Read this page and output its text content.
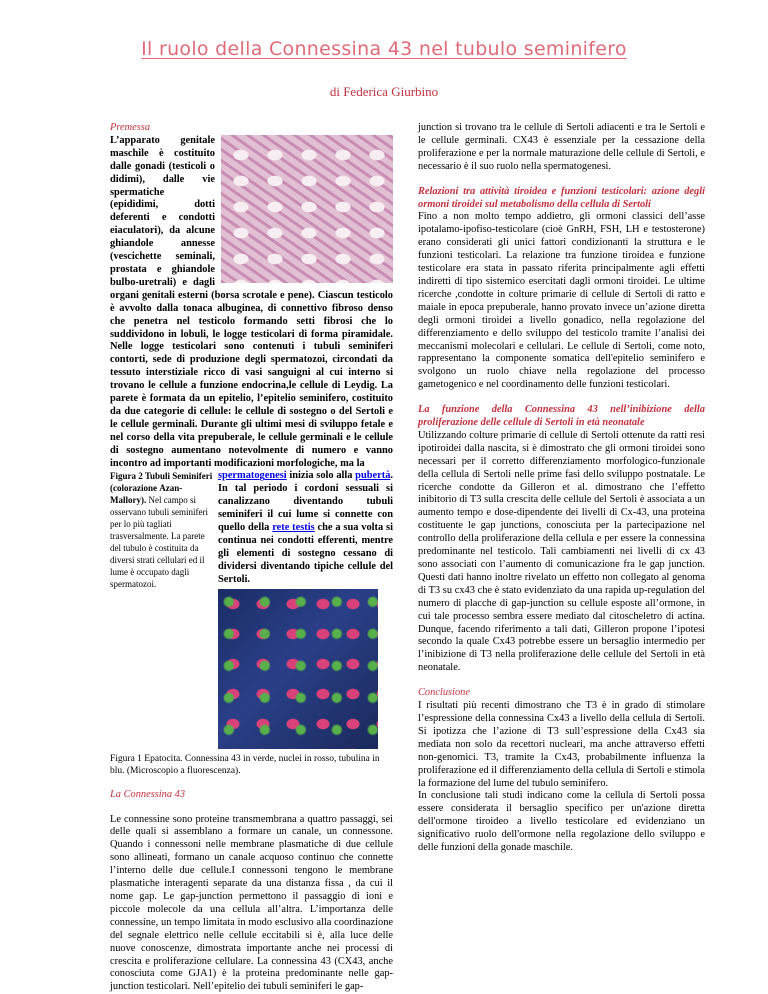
Il ruolo della Connessina 43 nel tubulo seminifero
di Federica Giurbino

Premessa

L’apparato genitale maschile è costituito dalle gonadi (testicoli o didimi), dalle vie spermatiche (epididimi, dotti deferenti e condotti eiaculatori), da alcune ghiandole annesse (vescichette seminali, prostata e ghiandole bulbo-uretrali) e dagli organi genitali esterni (borsa scrotale e pene). Ciascun testicolo è avvolto dalla tonaca albuginea, di connettivo fibroso denso che penetra nel testicolo formando setti fibrosi che lo suddividono in lobuli, le logge testicolari di forma piramidale. Nelle logge testicolari sono contenuti i tubuli seminiferi contorti, sede di produzione degli spermatozoi, circondati da tessuto interstiziale ricco di vasi sanguigni al cui interno si trovano le cellule a funzione endocrina,le cellule di Leydig. La parete è formata da un epitelio, l’epitelio seminifero, costituito da due categorie di cellule: le cellule di sostegno o del Sertoli e le cellule germinali. Durante gli ultimi mesi di sviluppo fetale e nel corso della vita prepuberale, le cellule germinali e le cellule di sostegno aumentano notevolmente di numero e vanno incontro ad importanti modificazioni morfologiche, ma la

Figura 2 Tubuli Seminiferi (colorazione Azan-Mallory). Nel campo si osservano tubuli seminiferi per lo più tagliati trasversalmente. La parete del tubulo è costituita da diversi strati cellulari ed il lume è occupato dagli spermatozoi.

spermatogenesi inizia solo alla pubertà. In tal periodo i cordoni sessuali si canalizzano diventando tubuli seminiferi il cui lume si connette con quello della rete testis che a sua volta si continua nei condotti efferenti, mentre gli elementi di sostegno cessano di dividersi diventando tipiche cellule del Sertoli.

Figura 1 Epatocita. Connessina 43 in verde, nuclei in rosso, tubulina in blu. (Microscopio a fluorescenza).

La Connessina 43

Le connessine sono proteine transmembrana a quattro passaggi, sei delle quali si assemblano a formare un canale, un connessone. Quando i connessoni nelle membrane plasmatiche di due cellule sono allineati, formano un canale acquoso continuo che connette l’interno delle due cellule.I connessoni tengono le membrane plasmatiche interagenti separate da una distanza fissa , da cui il nome gap. Le gap-junction permettono il passaggio di ioni e piccole molecole da una cellula all’altra. L’importanza delle connessine, un tempo limitata in modo esclusivo alla coordinazione del segnale elettrico nelle cellule eccitabili si è, alla luce delle nuove conoscenze, dimostrata importante anche nei processi di crescita e proliferazione cellulare. La connessina 43 (CX43, anche conosciuta come GJA1) è la proteina predominante nelle gap-junction testicolari. Nell’epitelio dei tubuli seminiferi le gap-

junction si trovano tra le cellule di Sertoli adiacenti e tra le Sertoli e le cellule germinali. CX43 è essenziale per la cessazione della proliferazione e per la normale maturazione delle cellule di Sertoli, e necessario è il suo ruolo nella spermatogenesi.

Relazioni tra attività tiroidea e funzioni testicolari: azione degli ormoni tiroidei sul metabolismo della cellula di Sertoli

Fino a non molto tempo addietro, gli ormoni classici dell’asse ipotalamo-ipofiso-testicolare (cioè GnRH, FSH, LH e testosterone) erano considerati gli unici fattori condizionanti la struttura e le funzioni testicolari. La relazione tra funzione tiroidea e funzione testicolare era stata in passato riferita principalmente agli effetti indiretti di tipo sistemico esercitati dagli ormoni tiroidei. Le ultime ricerche ,condotte in colture primarie di cellule di Sertoli di ratto e maiale in epoca prepuberale, hanno provato invece un’azione diretta degli ormoni tiroidei a livello gonadico, nella regolazione del differenziamento e dello sviluppo del testicolo tramite l’analisi dei meccanismi molecolari e cellulari. Le cellule di Sertoli, come noto, rappresentano la componente somatica dell'epitelio seminifero e svolgono un ruolo chiave nella regolazione del processo gametogenico e nel coordinamento delle funzioni testicolari.

La funzione della Connessina 43 nell’inibizione della proliferazione delle cellule di Sertoli in età neonatale

Utilizzando colture primarie di cellule di Sertoli ottenute da ratti resi ipotiroidei dalla nascita, si è dimostrato che gli ormoni tiroidei sono necessari per il corretto differenziamento morfologico-funzionale della cellula di Sertoli nelle prime fasi dello sviluppo postnatale. Le ricerche condotte da Gilleron et al. dimostrano che l’effetto inibitorio di T3 sulla crescita delle cellule del Sertoli è associata a un aumento tempo e dose-dipendente dei livelli di Cx-43, una proteina costituente le gap junctions, conosciuta per la partecipazione nel controllo della proliferazione della cellula e per essere la connessina predominante nel testicolo. Tali cambiamenti nei livelli di cx 43 sono associati con l’aumento di comunicazione fra le gap junction. Questi dati hanno inoltre rivelato un effetto non collegato al genoma di T3 su cx43 che è stato evidenziato da una rapida up-regulation del numero di placche di gap-junction su cellule esposte all’ormone, in cui tale processo sembra essere mediato dal citoscheletro di actina. Dunque, facendo riferimento a tali dati, Gilleron propone l’ipotesi secondo la quale Cx43 potrebbe essere un bersaglio intermedio per l’inibizione di T3 nella proliferazione delle cellule del Sertoli in età neonatale.

Conclusione

I risultati più recenti dimostrano che T3 è in grado di stimolare l’espressione della connessina Cx43 a livello della cellula di Sertoli. Si ipotizza che l’azione di T3 sull’espressione della Cx43 sia mediata non solo da recettori nucleari, ma anche attraverso effetti non-genomici. T3, tramite la Cx43, probabilmente influenza la proliferazione ed il differenziamento della cellula di Sertoli e stimola la formazione del lume del tubulo seminifero.

In conclusione tali studi indicano come la cellula di Sertoli possa essere considerata il bersaglio specifico per un'azione diretta dell'ormone tiroideo a livello testicolare ed evidenziano un significativo ruolo dell'ormone nella regolazione dello sviluppo e delle funzioni della gonade maschile.
